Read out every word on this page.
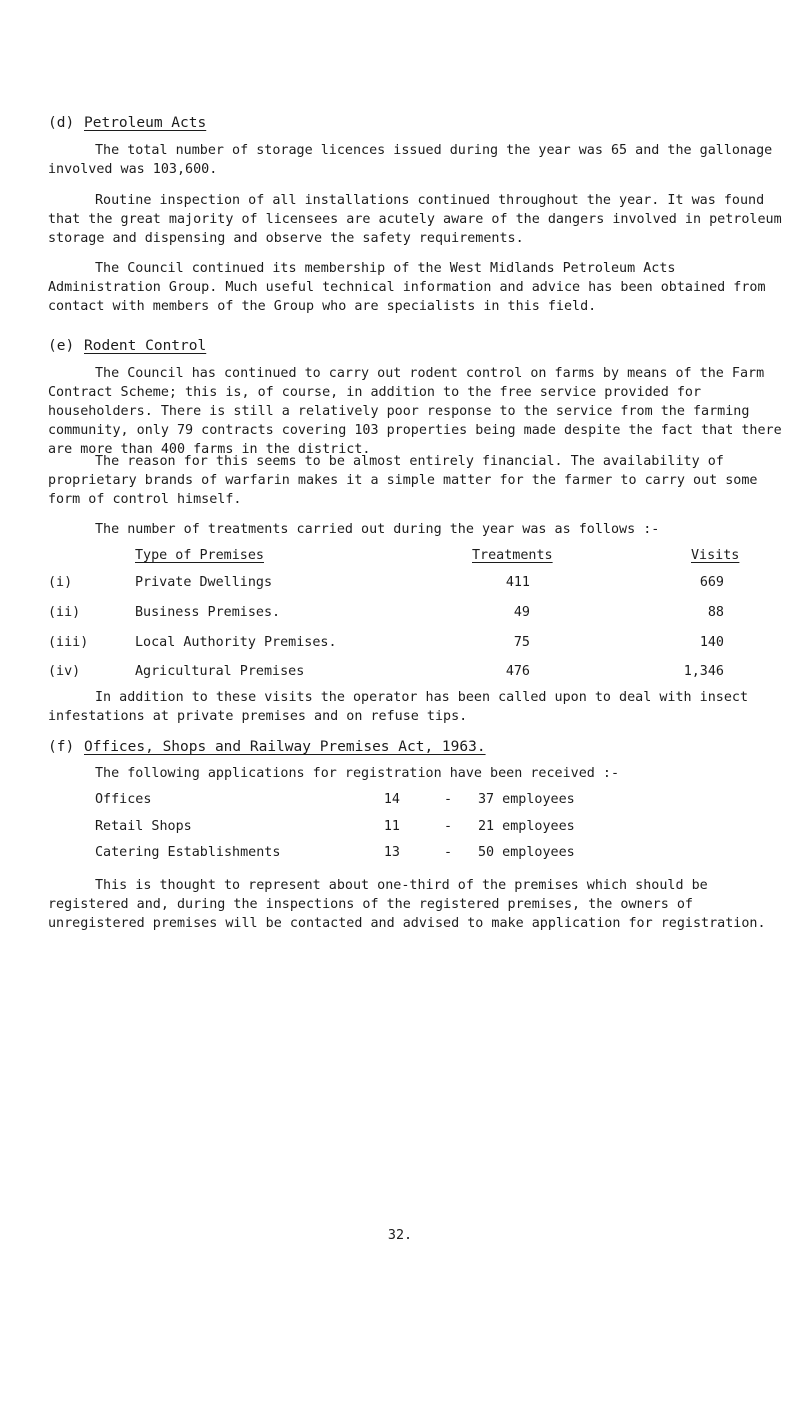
(d) Petroleum Acts
The total number of storage licences issued during the year was 65 and the gallonage involved was 103,600.
Routine inspection of all installations continued throughout the year. It was found that the great majority of licensees are acutely aware of the dangers involved in petroleum storage and dispensing and observe the safety requirements.
The Council continued its membership of the West Midlands Petroleum Acts Administration Group. Much useful technical information and advice has been obtained from contact with members of the Group who are specialists in this field.
(e) Rodent Control
The Council has continued to carry out rodent control on farms by means of the Farm Contract Scheme; this is, of course, in addition to the free service provided for householders. There is still a relatively poor response to the service from the farming community, only 79 contracts covering 103 properties being made despite the fact that there are more than 400 farms in the district.
The reason for this seems to be almost entirely financial. The availability of proprietary brands of warfarin makes it a simple matter for the farmer to carry out some form of control himself.
The number of treatments carried out during the year was as follows :-
Type of Premises	Treatments	Visits
(i)	Private Dwellings	411	669
(ii)	Business Premises.	49	88
(iii)	Local Authority Premises.	75	140
(iv)	Agricultural Premises	476	1,346
In addition to these visits the operator has been called upon to deal with insect infestations at private premises and on refuse tips.
(f) Offices, Shops and Railway Premises Act, 1963.
The following applications for registration have been received :-
Offices	14	- 37 employees
Retail Shops	11	- 21 employees
Catering Establishments	13	- 50 employees
This is thought to represent about one-third of the premises which should be registered and, during the inspections of the registered premises, the owners of unregistered premises will be contacted and advised to make application for registration.
32.
